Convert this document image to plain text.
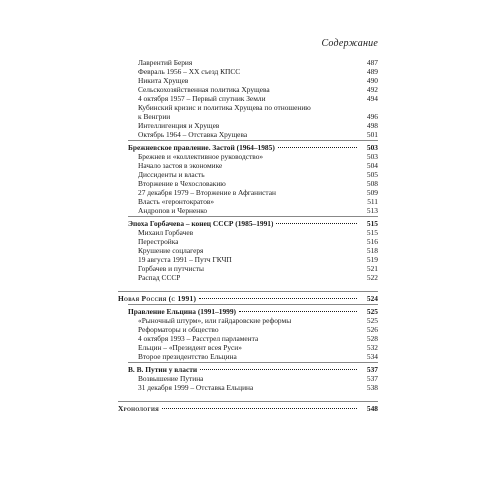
Содержание
Лаврентий Берия	487
Февраль 1956 – XX съезд КПСС	489
Никита Хрущев	490
Сельскохозяйственная политика Хрущева	492
4 октября 1957 – Первый спутник Земли	494
Кубинский кризис и политика Хрущева по отношению
к Венгрии	496
Интеллигенция и Хрущев	498
Октябрь 1964 – Отставка Хрущева	501
Брежневское правление. Застой (1964–1985)	503
Брежнев и «коллективное руководство»	503
Начало застоя в экономике	504
Диссиденты и власть	505
Вторжение в Чехословакию	508
27 декабря 1979 – Вторжение в Афганистан	509
Власть «геронтократов»	511
Андропов и Черненко	513
Эпоха Горбачева – конец СССР (1985–1991)	515
Михаил Горбачев	515
Перестройка	516
Крушение соцлагеря	518
19 августа 1991 – Путч ГКЧП	519
Горбачев и путчисты	521
Распад СССР	522
Новая Россия (с 1991)	524
Правление Ельцина (1991–1999)	525
«Рыночный штурм», или гайдаровские реформы	525
Реформаторы и общество	526
4 октября 1993 – Расстрел парламента	528
Ельцин – «Президент всея Руси»	532
Второе президентство Ельцина	534
В. В. Путин у власти	537
Возвышение Путина	537
31 декабря 1999 – Отставка Ельцина	538
Хронология	548
